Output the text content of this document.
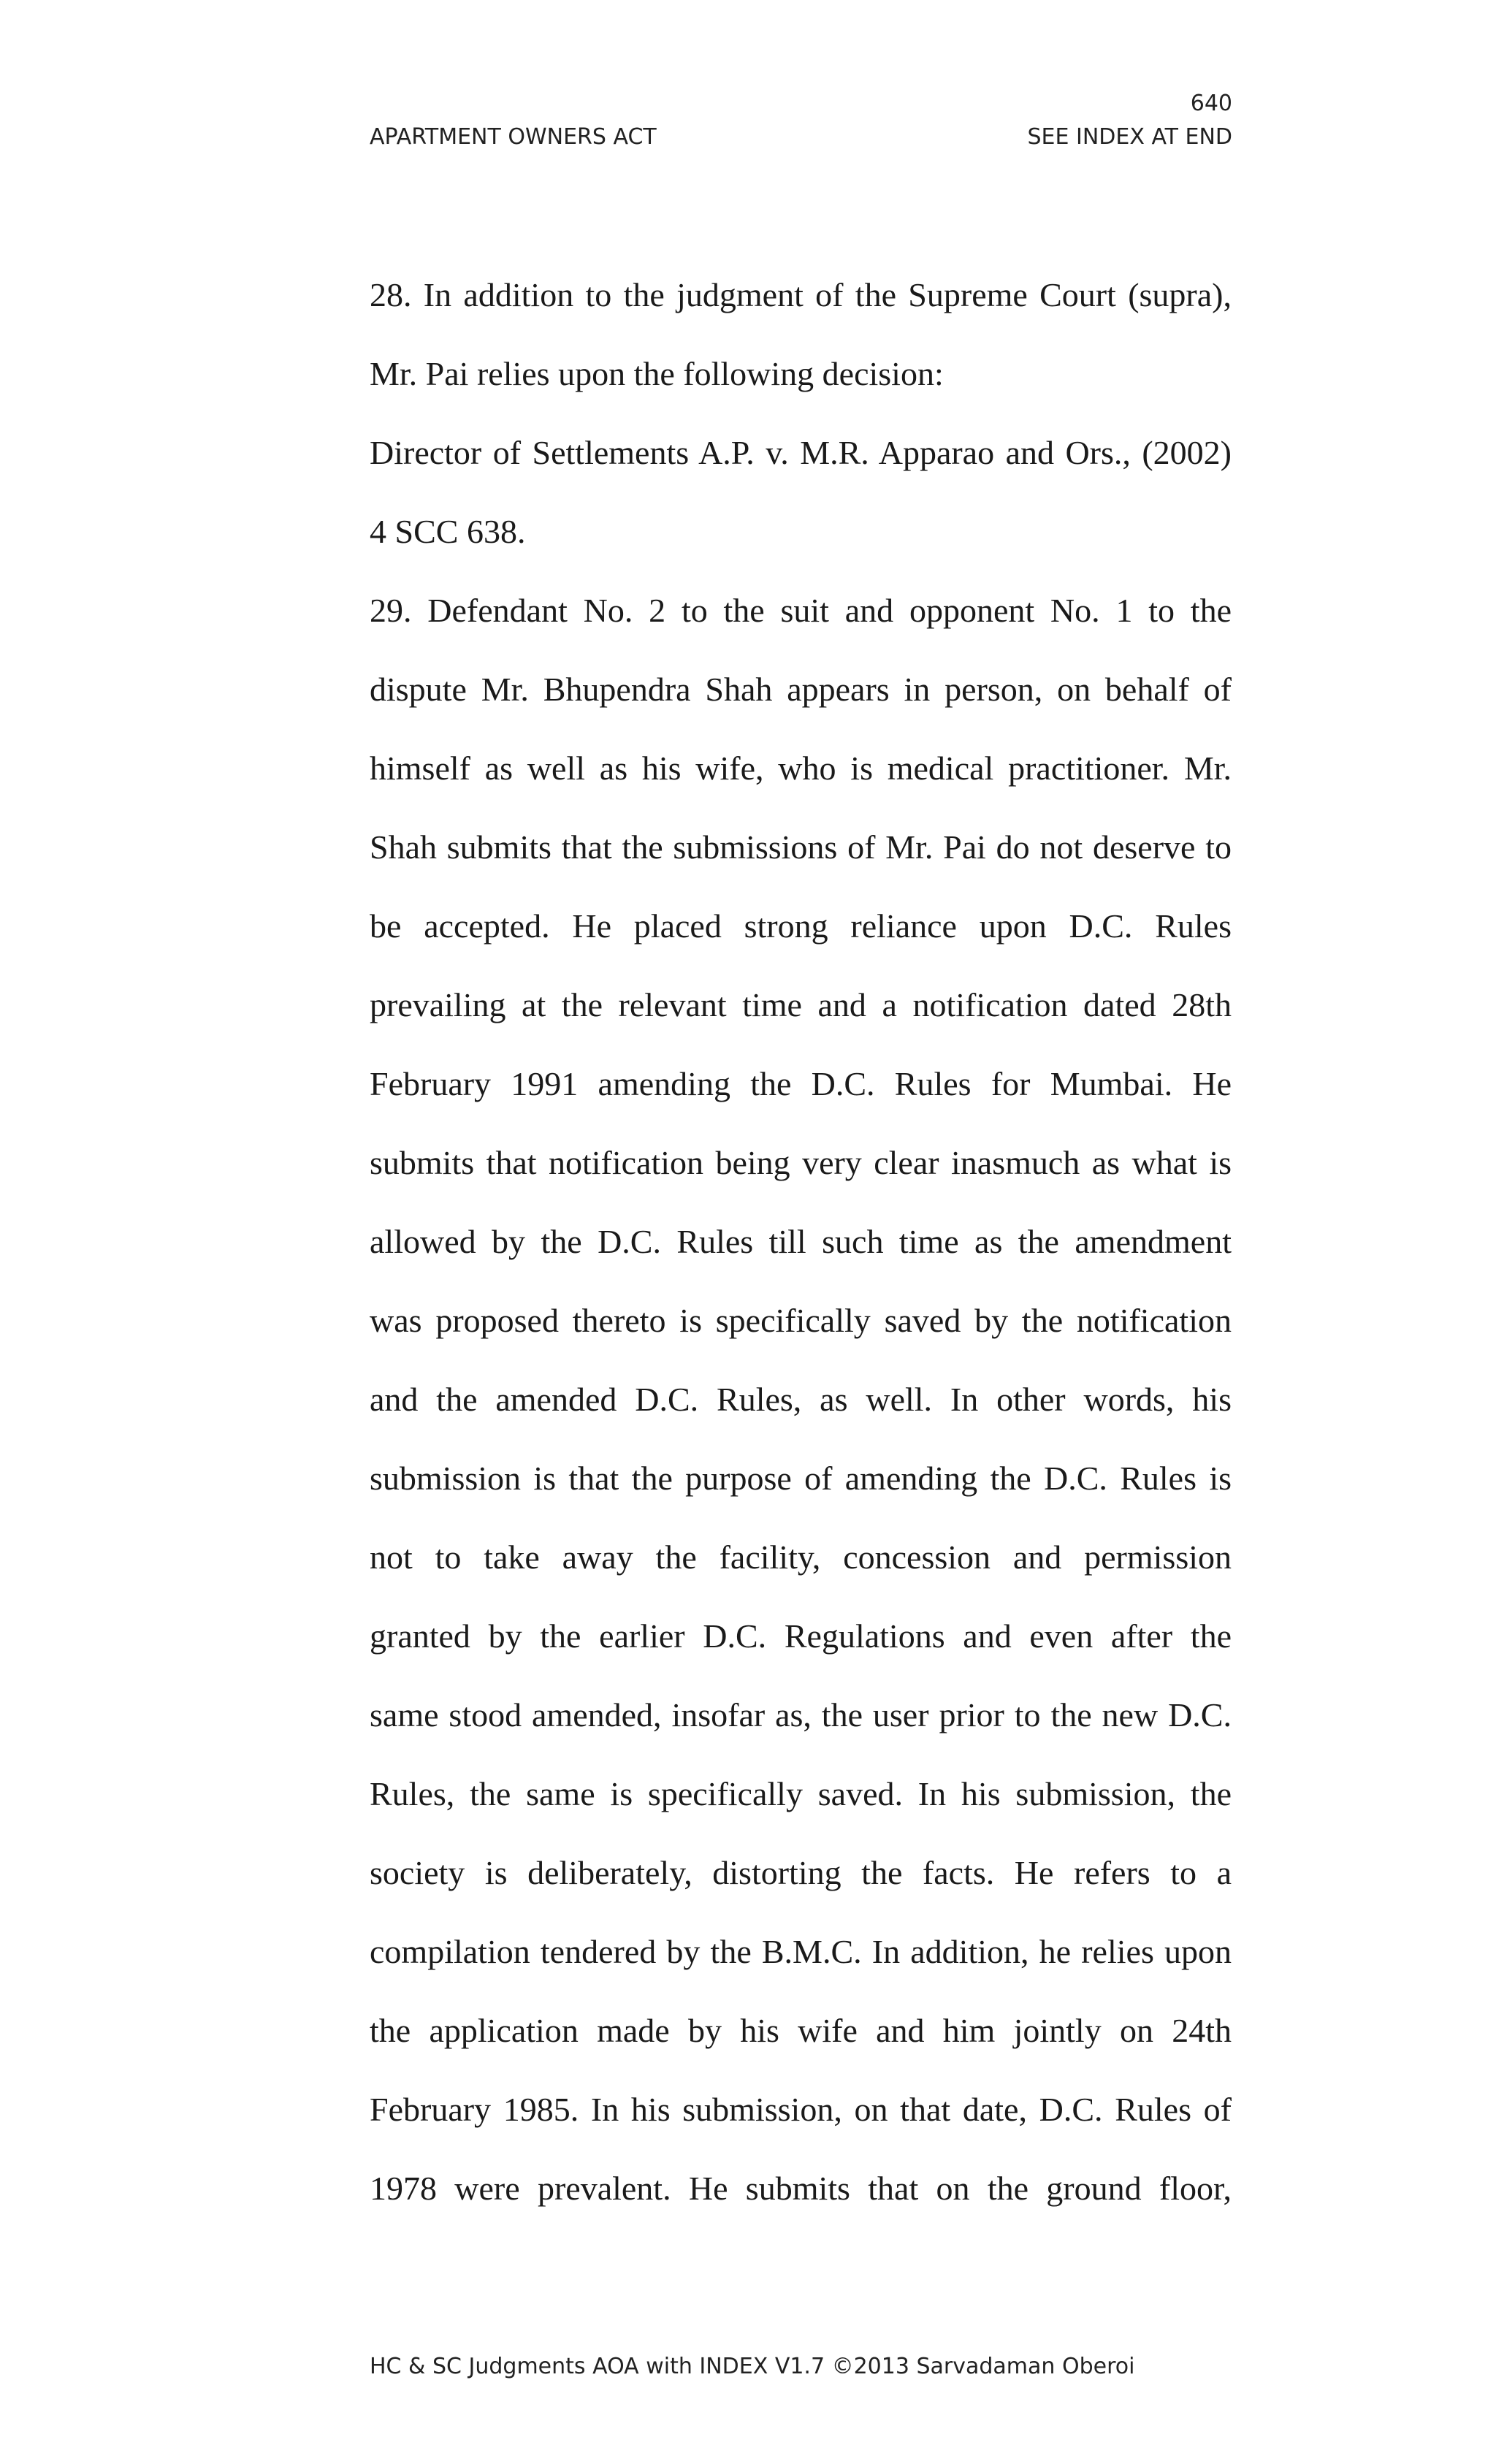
640
APARTMENT OWNERS ACT	SEE INDEX AT END
28. In addition to the judgment of the Supreme Court (supra),
Mr. Pai relies upon the following decision:
Director of Settlements A.P. v. M.R. Apparao and Ors., (2002)
4 SCC 638.
29. Defendant No. 2 to the suit and opponent No. 1 to the
dispute Mr. Bhupendra Shah appears in person, on behalf of
himself as well as his wife, who is medical practitioner. Mr.
Shah submits that the submissions of Mr. Pai do not deserve to
be accepted. He placed strong reliance upon D.C. Rules
prevailing at the relevant time and a notification dated 28th
February 1991 amending the D.C. Rules for Mumbai. He
submits that notification being very clear inasmuch as what is
allowed by the D.C. Rules till such time as the amendment
was proposed thereto is specifically saved by the notification
and the amended D.C. Rules, as well. In other words, his
submission is that the purpose of amending the D.C. Rules is
not to take away the facility, concession and permission
granted by the earlier D.C. Regulations and even after the
same stood amended, insofar as, the user prior to the new D.C.
Rules, the same is specifically saved. In his submission, the
society is deliberately, distorting the facts. He refers to a
compilation tendered by the B.M.C. In addition, he relies upon
the application made by his wife and him jointly on 24th
February 1985. In his submission, on that date, D.C. Rules of
1978 were prevalent. He submits that on the ground floor,
HC & SC Judgments AOA with INDEX V1.7 ©2013 Sarvadaman Oberoi
